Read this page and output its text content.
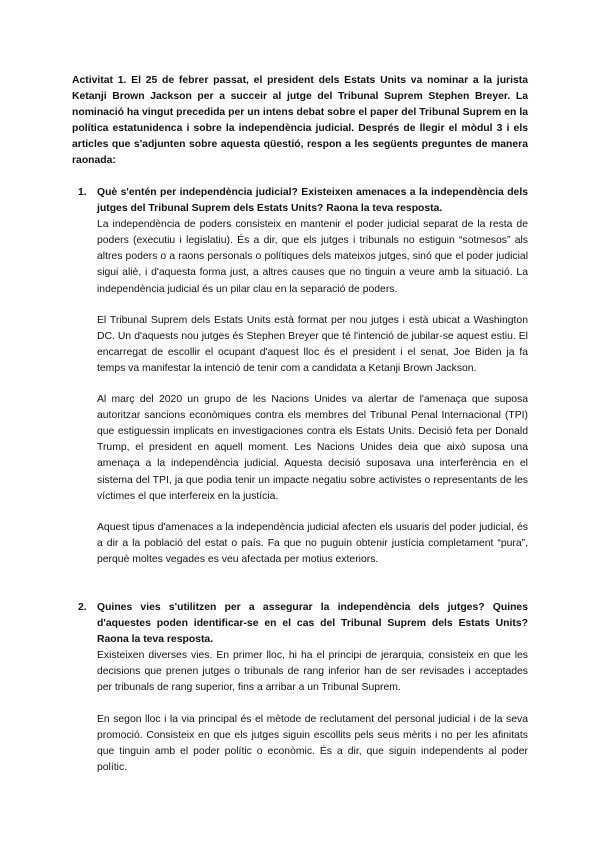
Activitat 1. El 25 de febrer passat, el president dels Estats Units va nominar a la jurista Ketanji Brown Jackson per a succeir al jutge del Tribunal Suprem Stephen Breyer. La nominació ha vingut precedida per un intens debat sobre el paper del Tribunal Suprem en la política estatunidenca i sobre la independència judicial. Després de llegir el mòdul 3 i els articles que s'adjunten sobre aquesta qüestió, respon a les següents preguntes de manera raonada:

1. Què s'entén per independència judicial? Existeixen amenaces a la independència dels jutges del Tribunal Suprem dels Estats Units? Raona la teva resposta.

La independència de poders consisteix en mantenir el poder judicial separat de la resta de poders (executiu i legislatiu). És a dir, que els jutges i tribunals no estiguin “sotmesos” als altres poders o a raons personals o polítiques dels mateixos jutges, sinó que el poder judicial sigui aliè, i d'aquesta forma just, a altres causes que no tinguin a veure amb la situació. La independència judicial és un pilar clau en la separació de poders.

El Tribunal Suprem dels Estats Units està format per nou jutges i està ubicat a Washington DC. Un d'aquests nou jutges és Stephen Breyer que té l'intenció de jubilar-se aquest estiu. El encarregat de escollir el ocupant d'aquest lloc és el president i el senat, Joe Biden ja fa temps va manifestar la intenció de tenir com a candidata a Ketanji Brown Jackson.

Al març del 2020 un grupo de les Nacions Unides va alertar de l'amenaça que suposa autoritzar sancions econòmiques contra els membres del Tribunal Penal Internacional (TPI) que estiguessin implicats en investigaciones contra els Estats Units. Decisió feta per Donald Trump, el president en aquell moment. Les Nacions Unides deia que això suposa una amenaça a la independència judicial. Aquesta decisió suposava una interferència en el sistema del TPI, ja que podia tenir un impacte negatiu sobre activistes o representants de les víctimes el que interfereix en la justícia.

Aquest tipus d'amenaces a la independència judicial afecten els usuaris del poder judicial, és a dir a la població del estat o país. Fa que no puguin obtenir justícia completament “pura”, perquè moltes vegades es veu afectada per motius exteriors.

2. Quines vies s'utilitzen per a assegurar la independència dels jutges? Quines d'aquestes poden identificar-se en el cas del Tribunal Suprem dels Estats Units? Raona la teva resposta.

Existeixen diverses vies. En primer lloc, hi ha el principi de jerarquia, consisteix en que les decisions que prenen jutges o tribunals de rang inferior han de ser revisades i acceptades per tribunals de rang superior, fins a arribar a un Tribunal Suprem.

En segon lloc i la via principal és el mètode de reclutament del personal judicial i de la seva promoció. Consisteix en que els jutges siguin escollits pels seus mèrits i no per les afinitats que tinguin amb el poder polític o econòmic. És a dir, que siguin independents al poder polític.
